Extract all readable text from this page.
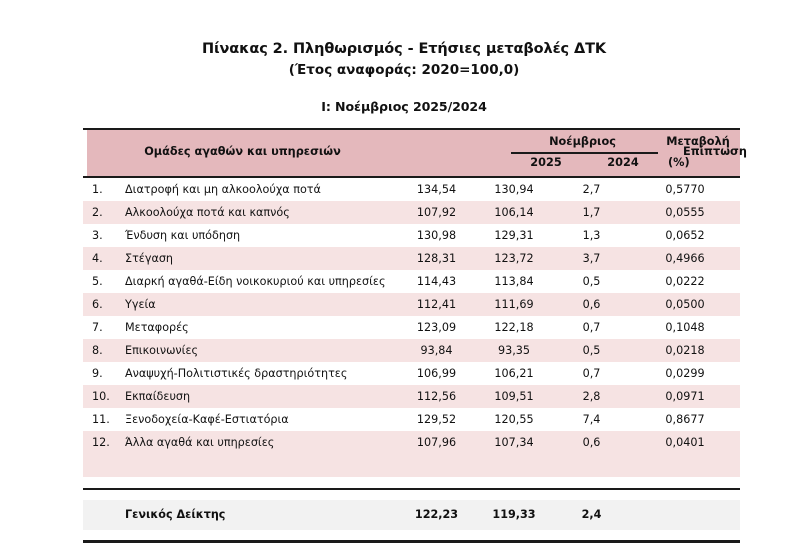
Πίνακας 2. Πληθωρισμός - Ετήσιες μεταβολές ΔΤΚ
(Έτος αναφοράς: 2020=100,0)
Ι: Νοέμβριος 2025/2024

Ομάδες αγαθών και υπηρεσιών
Νοέμβριος
2025	2024
Μεταβολή
(%)
Επίπτωση

1.	Διατροφή και μη αλκοολούχα ποτά	134,54	130,94	2,7	0,5770
2.	Αλκοολούχα ποτά και καπνός	107,92	106,14	1,7	0,0555
3.	Ένδυση και υπόδηση	130,98	129,31	1,3	0,0652
4.	Στέγαση	128,31	123,72	3,7	0,4966
5.	Διαρκή αγαθά-Είδη νοικοκυριού και υπηρεσίες	114,43	113,84	0,5	0,0222
6.	Υγεία	112,41	111,69	0,6	0,0500
7.	Μεταφορές	123,09	122,18	0,7	0,1048
8.	Επικοινωνίες	93,84	93,35	0,5	0,0218
9.	Αναψυχή-Πολιτιστικές δραστηριότητες	106,99	106,21	0,7	0,0299
10.	Εκπαίδευση	112,56	109,51	2,8	0,0971
11.	Ξενοδοχεία-Καφέ-Εστιατόρια	129,52	120,55	7,4	0,8677
12.	Άλλα αγαθά και υπηρεσίες	107,96	107,34	0,6	0,0401

	Γενικός Δείκτης	122,23	119,33	2,4	
